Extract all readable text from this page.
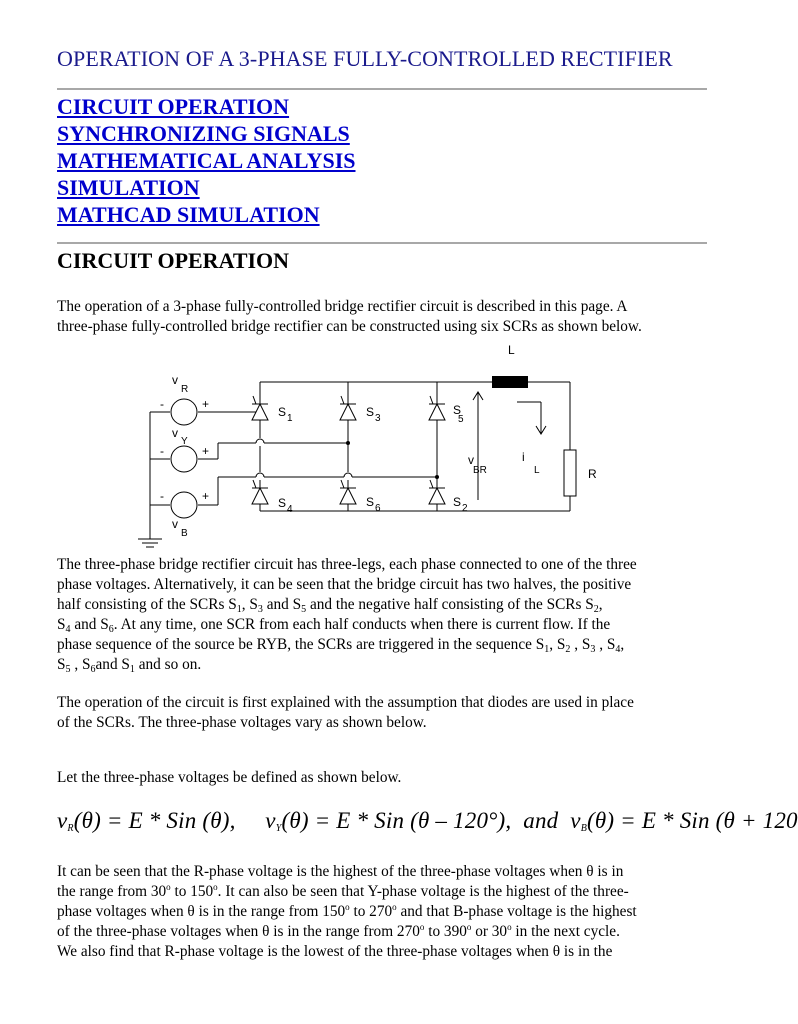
OPERATION OF A 3-PHASE FULLY-CONTROLLED RECTIFIER
CIRCUIT OPERATION
SYNCHRONIZING SIGNALS
MATHEMATICAL ANALYSIS
SIMULATION
MATHCAD SIMULATION
CIRCUIT OPERATION

The operation of a 3-phase fully-controlled bridge rectifier circuit is described in this page. A
three-phase fully-controlled bridge rectifier can be constructed using six SCRs as shown below.

L
R
v
R
-	+
v
Y
-	+
v
B
-	+
S 1	S 3
S
5
S 4
S 6	S 2
v
BR
i
L

The three-phase bridge rectifier circuit has three-legs, each phase connected to one of the three
phase voltages. Alternatively, it can be seen that the bridge circuit has two halves, the positive
half consisting of the SCRs $S_1$, $S_3$ and $S_5$ and the negative half consisting of the SCRs $S_2$,
$S_4$ and $S_6$. At any time, one SCR from each half conducts when there is current flow. If the
phase sequence of the source be RYB, the SCRs are triggered in the sequence $S_1$, $S_2$ , $S_3$ , $S_4$,
$S_5$ , $S_6and$ $S_1$ and so on.

The operation of the circuit is first explained with the assumption that diodes are used in place
of the SCRs. The three-phase voltages vary as shown below.

Let the three-phase voltages be defined as shown below.

$v_R(\theta) = E$ * Sin (θ), $v_Y(\theta) = E$ * Sin (θ – 120°), and $v_B(\theta) = E$ * Sin (θ + 120

It can be seen that the R-phase voltage is the highest of the three-phase voltages when θ is in
the range from 30$^o$ to 150$^o$. It can also be seen that Y-phase voltage is the highest of the three-
phase voltages when θ is in the range from 150$^o$ to 270$^o$ and that B-phase voltage is the highest
of the three-phase voltages when θ is in the range from 270$^o$ to 390$^o$ or 30$^o$ in the next cycle.
We also find that R-phase voltage is the lowest of the three-phase voltages when θ is in the
